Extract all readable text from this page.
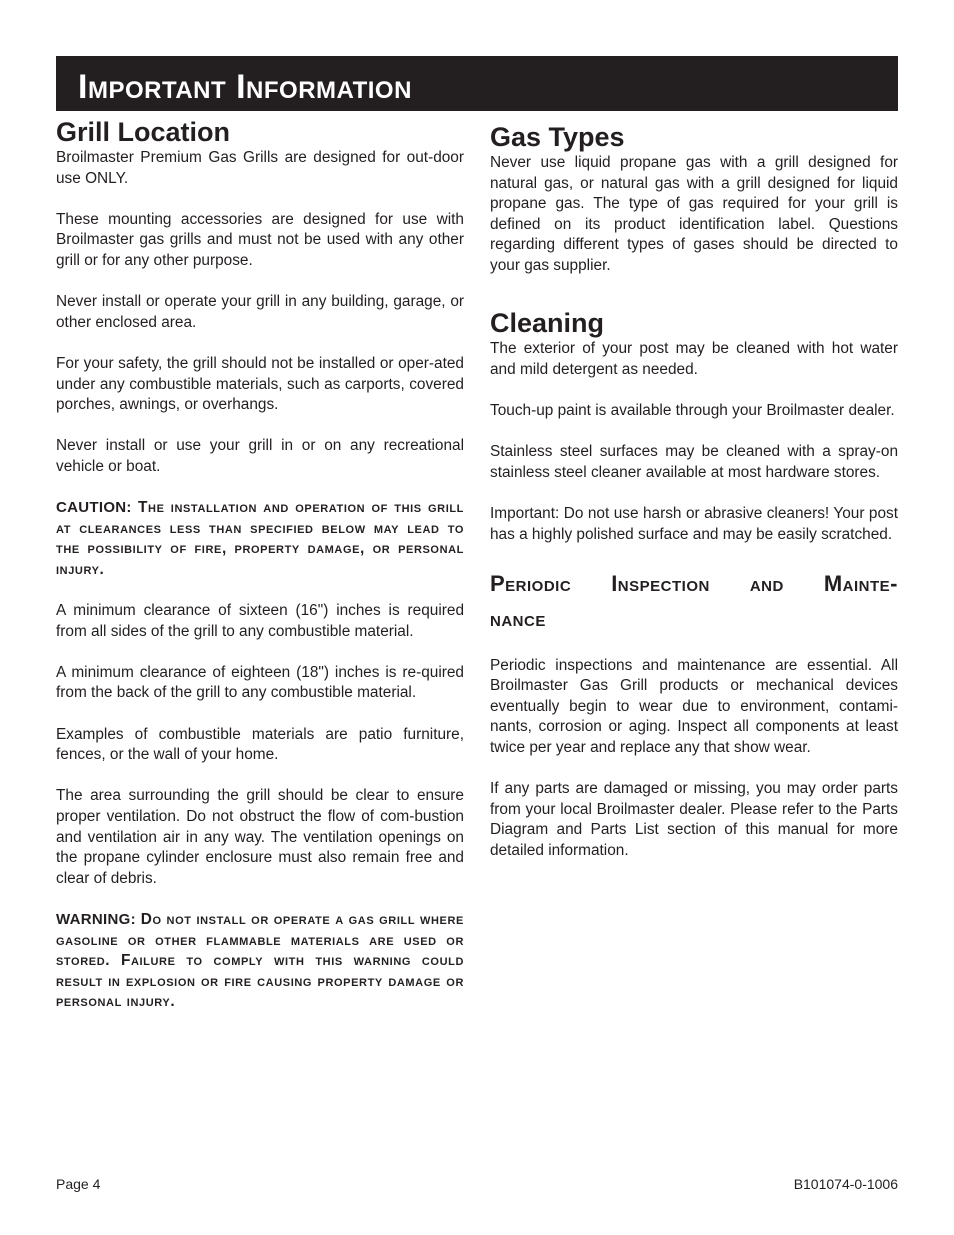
Important Information
Grill Location

Broilmaster Premium Gas Grills are designed for out-door use ONLY.

These mounting accessories are designed for use with Broilmaster gas grills and must not be used with any other grill or for any other purpose.

Never install or operate your grill in any building, garage, or other enclosed area.

For your safety, the grill should not be installed or oper-ated under any combustible materials, such as carports, covered porches, awnings, or overhangs.

Never install or use your grill in or on any recreational vehicle or boat.

CAUTION: The installation and operation of this grill at clearances less than specified below may lead to the possibility of fire, property damage, or personal injury.

A minimum clearance of sixteen (16") inches is required from all sides of the grill to any combustible material.

A minimum clearance of eighteen (18") inches is re-quired from the back of the grill to any combustible material.

Examples of combustible materials are patio furniture, fences, or the wall of your home.

The area surrounding the grill should be clear to ensure proper ventilation. Do not obstruct the flow of com-bustion and ventilation air in any way. The ventilation openings on the propane cylinder enclosure must also remain free and clear of debris.

WARNING: Do not install or operate a gas grill where gasoline or other flammable materials are used or stored. Failure to comply with this warning could result in explosion or fire causing property damage or personal injury.

Gas Types

Never use liquid propane gas with a grill designed for natural gas, or natural gas with a grill designed for liquid propane gas. The type of gas required for your grill is defined on its product identification label. Questions regarding different types of gases should be directed to your gas supplier.

Cleaning

The exterior of your post may be cleaned with hot water and mild detergent as needed.

Touch-up paint is available through your Broilmaster dealer.

Stainless steel surfaces may be cleaned with a spray-on stainless steel cleaner available at most hardware stores.

Important: Do not use harsh or abrasive cleaners! Your post has a highly polished surface and may be easily scratched.

Periodic Inspection and Mainte-
nance

Periodic inspections and maintenance are essential. All Broilmaster Gas Grill products or mechanical devices eventually begin to wear due to environment, contami-nants, corrosion or aging. Inspect all components at least twice per year and replace any that show wear.

If any parts are damaged or missing, you may order parts from your local Broilmaster dealer. Please refer to the Parts Diagram and Parts List section of this manual for more detailed information.

Page 4	B101074-0-1006
